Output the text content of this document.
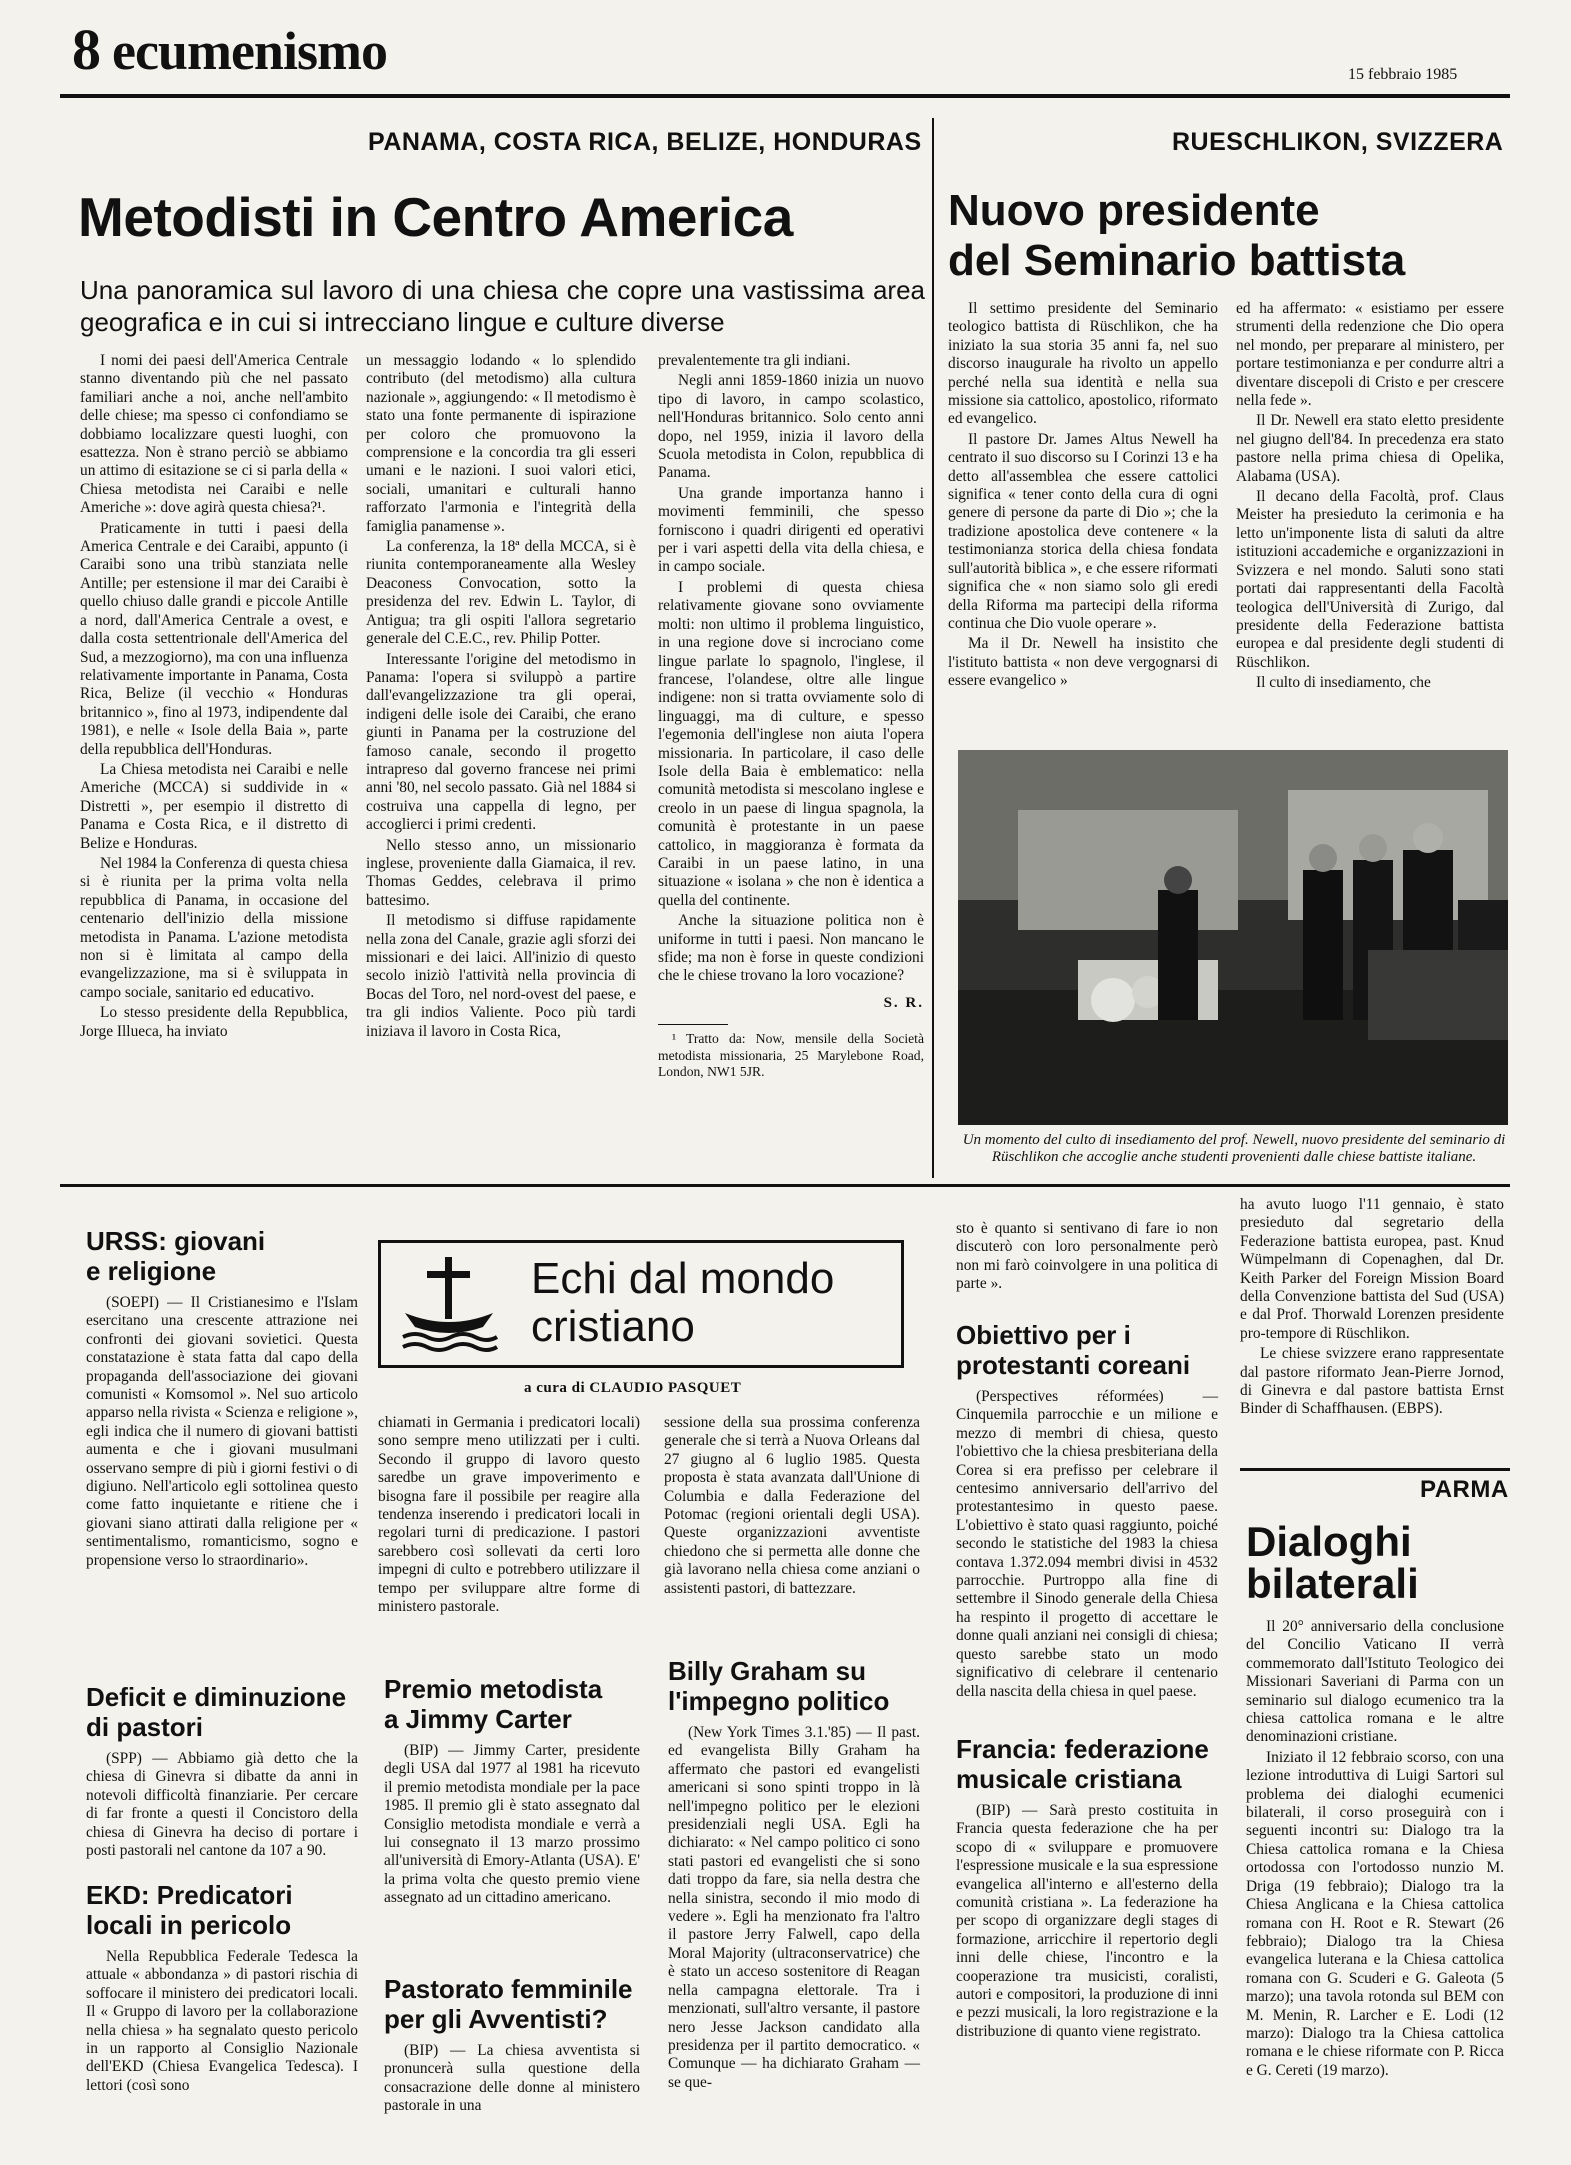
8 ecumenismo	15 febbraio 1985
PANAMA, COSTA RICA, BELIZE, HONDURAS	RUESCHLIKON, SVIZZERA
Metodisti in Centro America
Una panoramica sul lavoro di una chiesa che copre una vastissima area geografica e in cui si intrecciano lingue e culture diverse

I nomi dei paesi dell'America Centrale stanno diventando più che nel passato familiari anche a noi, anche nell'ambito delle chiese; ma spesso ci confondiamo se dobbiamo localizzare questi luoghi, con esattezza. Non è strano perciò se abbiamo un attimo di esitazione se ci si parla della « Chiesa metodista nei Caraibi e nelle Americhe »: dove agirà questa chiesa?¹.

Praticamente in tutti i paesi della America Centrale e dei Caraibi, appunto (i Caraibi sono una tribù stanziata nelle Antille; per estensione il mar dei Caraibi è quello chiuso dalle grandi e piccole Antille a nord, dall'America Centrale a ovest, e dalla costa settentrionale dell'America del Sud, a mezzogiorno), ma con una influenza relativamente importante in Panama, Costa Rica, Belize (il vecchio « Honduras britannico », fino al 1973, indipendente dal 1981), e nelle « Isole della Baia », parte della repubblica dell'Honduras.

La Chiesa metodista nei Caraibi e nelle Americhe (MCCA) si suddivide in « Distretti », per esempio il distretto di Panama e Costa Rica, e il distretto di Belize e Honduras.

Nel 1984 la Conferenza di questa chiesa si è riunita per la prima volta nella repubblica di Panama, in occasione del centenario dell'inizio della missione metodista in Panama. L'azione metodista non si è limitata al campo della evangelizzazione, ma si è sviluppata in campo sociale, sanitario ed educativo.

Lo stesso presidente della Repubblica, Jorge Illueca, ha inviato

un messaggio lodando « lo splendido contributo (del metodismo) alla cultura nazionale », aggiungendo: « Il metodismo è stato una fonte permanente di ispirazione per coloro che promuovono la comprensione e la concordia tra gli esseri umani e le nazioni. I suoi valori etici, sociali, umanitari e culturali hanno rafforzato l'armonia e l'integrità della famiglia panamense ».

La conferenza, la 18ª della MCCA, si è riunita contemporaneamente alla Wesley Deaconess Convocation, sotto la presidenza del rev. Edwin L. Taylor, di Antigua; tra gli ospiti l'allora segretario generale del C.E.C., rev. Philip Potter.

Interessante l'origine del metodismo in Panama: l'opera si sviluppò a partire dall'evangelizzazione tra gli operai, indigeni delle isole dei Caraibi, che erano giunti in Panama per la costruzione del famoso canale, secondo il progetto intrapreso dal governo francese nei primi anni '80, nel secolo passato. Già nel 1884 si costruiva una cappella di legno, per accoglierci i primi credenti.

Nello stesso anno, un missionario inglese, proveniente dalla Giamaica, il rev. Thomas Geddes, celebrava il primo battesimo.

Il metodismo si diffuse rapidamente nella zona del Canale, grazie agli sforzi dei missionari e dei laici. All'inizio di questo secolo iniziò l'attività nella provincia di Bocas del Toro, nel nord-ovest del paese, e tra gli indios Valiente. Poco più tardi iniziava il lavoro in Costa Rica,

prevalentemente tra gli indiani.

Negli anni 1859-1860 inizia un nuovo tipo di lavoro, in campo scolastico, nell'Honduras britannico. Solo cento anni dopo, nel 1959, inizia il lavoro della Scuola metodista in Colon, repubblica di Panama.

Una grande importanza hanno i movimenti femminili, che spesso forniscono i quadri dirigenti ed operativi per i vari aspetti della vita della chiesa, e in campo sociale.

I problemi di questa chiesa relativamente giovane sono ovviamente molti: non ultimo il problema linguistico, in una regione dove si incrociano come lingue parlate lo spagnolo, l'inglese, il francese, l'olandese, oltre alle lingue indigene: non si tratta ovviamente solo di linguaggi, ma di culture, e spesso l'egemonia dell'inglese non aiuta l'opera missionaria. In particolare, il caso delle Isole della Baia è emblematico: nella comunità metodista si mescolano inglese e creolo in un paese di lingua spagnola, la comunità è protestante in un paese cattolico, in maggioranza è formata da Caraibi in un paese latino, in una situazione « isolana » che non è identica a quella del continente.

Anche la situazione politica non è uniforme in tutti i paesi. Non mancano le sfide; ma non è forse in queste condizioni che le chiese trovano la loro vocazione?

S. R.
¹ Tratto da: Now, mensile della Società metodista missionaria, 25 Marylebone Road, London, NW1 5JR.
Nuovo presidente
del Seminario battista

Il settimo presidente del Seminario teologico battista di Rüschlikon, che ha iniziato la sua storia 35 anni fa, nel suo discorso inaugurale ha rivolto un appello perché nella sua identità e nella sua missione sia cattolico, apostolico, riformato ed evangelico.

Il pastore Dr. James Altus Newell ha centrato il suo discorso su I Corinzi 13 e ha detto all'assemblea che essere cattolici significa « tener conto della cura di ogni genere di persone da parte di Dio »; che la tradizione apostolica deve contenere « la testimonianza storica della chiesa fondata sull'autorità biblica », e che essere riformati significa che « non siamo solo gli eredi della Riforma ma partecipi della riforma continua che Dio vuole operare ».

Ma il Dr. Newell ha insistito che l'istituto battista « non deve vergognarsi di essere evangelico »

ed ha affermato: « esistiamo per essere strumenti della redenzione che Dio opera nel mondo, per preparare al ministero, per portare testimonianza e per condurre altri a diventare discepoli di Cristo e per crescere nella fede ».

Il Dr. Newell era stato eletto presidente nel giugno dell'84. In precedenza era stato pastore nella prima chiesa di Opelika, Alabama (USA).

Il decano della Facoltà, prof. Claus Meister ha presieduto la cerimonia e ha letto un'imponente lista di saluti da altre istituzioni accademiche e organizzazioni in Svizzera e nel mondo. Saluti sono stati portati dai rappresentanti della Facoltà teologica dell'Università di Zurigo, dal presidente della Federazione battista europea e dal presidente degli studenti di Rüschlikon.

Il culto di insediamento, che

Un momento del culto di insediamento del prof. Newell, nuovo presidente del seminario di Rüschlikon che accoglie anche studenti provenienti dalle chiese battiste italiane.
URSS: giovani
e religione

(SOEPI) — Il Cristianesimo e l'Islam esercitano una crescente attrazione nei confronti dei giovani sovietici. Questa constatazione è stata fatta dal capo della propaganda dell'associazione dei giovani comunisti « Komsomol ». Nel suo articolo apparso nella rivista « Scienza e religione », egli indica che il numero di giovani battisti aumenta e che i giovani musulmani osservano sempre di più i giorni festivi o di digiuno. Nell'articolo egli sottolinea questo come fatto inquietante e ritiene che i giovani siano attirati dalla religione per « sentimentalismo, romanticismo, sogno e propensione verso lo straordinario».

Deficit e diminuzione
di pastori

(SPP) — Abbiamo già detto che la chiesa di Ginevra si dibatte da anni in notevoli difficoltà finanziarie. Per cercare di far fronte a questi il Concistoro della chiesa di Ginevra ha deciso di portare i posti pastorali nel cantone da 107 a 90.

EKD: Predicatori
locali in pericolo

Nella Repubblica Federale Tedesca la attuale « abbondanza » di pastori rischia di soffocare il ministero dei predicatori locali. Il « Gruppo di lavoro per la collaborazione nella chiesa » ha segnalato questo pericolo in un rapporto al Consiglio Nazionale dell'EKD (Chiesa Evangelica Tedesca). I lettori (così sono

Echi dal mondo
cristiano
a cura di CLAUDIO PASQUET

chiamati in Germania i predicatori locali) sono sempre meno utilizzati per i culti. Secondo il gruppo di lavoro questo saredbe un grave impoverimento e bisogna fare il possibile per reagire alla tendenza inserendo i predicatori locali in regolari turni di predicazione. I pastori sarebbero così sollevati da certi loro impegni di culto e potrebbero utilizzare il tempo per sviluppare altre forme di ministero pastorale.

Premio metodista
a Jimmy Carter

(BIP) — Jimmy Carter, presidente degli USA dal 1977 al 1981 ha ricevuto il premio metodista mondiale per la pace 1985. Il premio gli è stato assegnato dal Consiglio metodista mondiale e verrà a lui consegnato il 13 marzo prossimo all'università di Emory-Atlanta (USA). E' la prima volta che questo premio viene assegnato ad un cittadino americano.

Pastorato femminile
per gli Avventisti?

(BIP) — La chiesa avventista si pronuncerà sulla questione della consacrazione delle donne al ministero pastorale in una

sessione della sua prossima conferenza generale che si terrà a Nuova Orleans dal 27 giugno al 6 luglio 1985. Questa proposta è stata avanzata dall'Unione di Columbia e dalla Federazione del Potomac (regioni orientali degli USA). Queste organizzazioni avventiste chiedono che si permetta alle donne che già lavorano nella chiesa come anziani o assistenti pastori, di battezzare.

Billy Graham su
l'impegno politico

(New York Times 3.1.'85) — Il past. ed evangelista Billy Graham ha affermato che pastori ed evangelisti americani si sono spinti troppo in là nell'impegno politico per le elezioni presidenziali negli USA. Egli ha dichiarato: « Nel campo politico ci sono stati pastori ed evangelisti che si sono dati troppo da fare, sia nella destra che nella sinistra, secondo il mio modo di vedere ». Egli ha menzionato fra l'altro il pastore Jerry Falwell, capo della Moral Majority (ultraconservatrice) che è stato un acceso sostenitore di Reagan nella campagna elettorale. Tra i menzionati, sull'altro versante, il pastore nero Jesse Jackson candidato alla presidenza per il partito democratico. « Comunque — ha dichiarato Graham — se que-

sto è quanto si sentivano di fare io non discuterò con loro personalmente però non mi farò coinvolgere in una politica di parte ».

Obiettivo per i
protestanti coreani

(Perspectives réformées) — Cinquemila parrocchie e un milione e mezzo di membri di chiesa, questo l'obiettivo che la chiesa presbiteriana della Corea si era prefisso per celebrare il centesimo anniversario dell'arrivo del protestantesimo in questo paese. L'obiettivo è stato quasi raggiunto, poiché secondo le statistiche del 1983 la chiesa contava 1.372.094 membri divisi in 4532 parrocchie. Purtroppo alla fine di settembre il Sinodo generale della Chiesa ha respinto il progetto di accettare le donne quali anziani nei consigli di chiesa; questo sarebbe stato un modo significativo di celebrare il centenario della nascita della chiesa in quel paese.

Francia: federazione
musicale cristiana

(BIP) — Sarà presto costituita in Francia questa federazione che ha per scopo di « sviluppare e promuovere l'espressione musicale e la sua espressione evangelica all'interno e all'esterno della comunità cristiana ». La federazione ha per scopo di organizzare degli stages di formazione, arricchire il repertorio degli inni delle chiese, l'incontro e la cooperazione tra musicisti, coralisti, autori e compositori, la produzione di inni e pezzi musicali, la loro registrazione e la distribuzione di quanto viene registrato.

ha avuto luogo l'11 gennaio, è stato presieduto dal segretario della Federazione battista europea, past. Knud Wümpelmann di Copenaghen, dal Dr. Keith Parker del Foreign Mission Board della Convenzione battista del Sud (USA) e dal Prof. Thorwald Lorenzen presidente pro-tempore di Rüschlikon.

Le chiese svizzere erano rappresentate dal pastore riformato Jean-Pierre Jornod, di Ginevra e dal pastore battista Ernst Binder di Schaffhausen. (EBPS).

PARMA
Dialoghi
bilaterali

Il 20° anniversario della conclusione del Concilio Vaticano II verrà commemorato dall'Istituto Teologico dei Missionari Saveriani di Parma con un seminario sul dialogo ecumenico tra la chiesa cattolica romana e le altre denominazioni cristiane.

Iniziato il 12 febbraio scorso, con una lezione introduttiva di Luigi Sartori sul problema dei dialoghi ecumenici bilaterali, il corso proseguirà con i seguenti incontri su: Dialogo tra la Chiesa cattolica romana e la Chiesa ortodossa con l'ortodosso nunzio M. Driga (19 febbraio); Dialogo tra la Chiesa Anglicana e la Chiesa cattolica romana con H. Root e R. Stewart (26 febbraio); Dialogo tra la Chiesa evangelica luterana e la Chiesa cattolica romana con G. Scuderi e G. Galeota (5 marzo); una tavola rotonda sul BEM con M. Menin, R. Larcher e E. Lodi (12 marzo): Dialogo tra la Chiesa cattolica romana e le chiese riformate con P. Ricca e G. Cereti (19 marzo).
